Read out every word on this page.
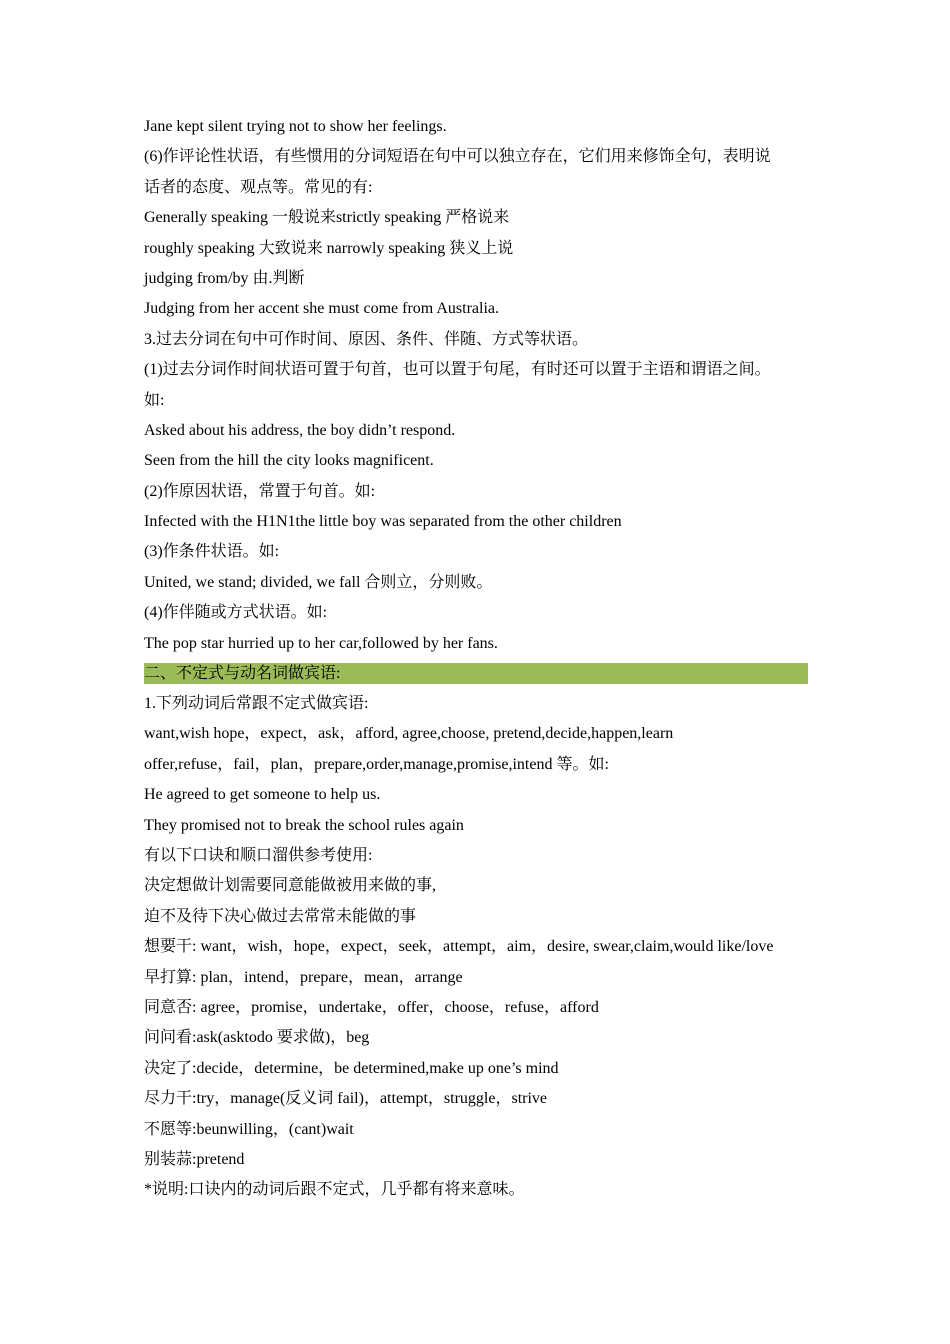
Jane kept silent trying not to show her feelings.
(6)作评论性状语，有些惯用的分词短语在句中可以独立存在，它们用来修饰全句，表明说
话者的态度、观点等。常见的有:
Generally speaking 一般说来strictly speaking 严格说来
roughly speaking 大致说来 narrowly speaking 狭义上说
judging from/by 由.判断
Judging from her accent she must come from Australia.
3.过去分词在句中可作时间、原因、条件、伴随、方式等状语。
(1)过去分词作时间状语可置于句首，也可以置于句尾，有时还可以置于主语和谓语之间。
如:
Asked about his address, the boy didn’t respond.
Seen from the hill the city looks magnificent.
(2)作原因状语，常置于句首。如:
Infected with the H1N1the little boy was separated from the other children
(3)作条件状语。如:
United, we stand; divided, we fall 合则立，分则败。
(4)作伴随或方式状语。如:
The pop star hurried up to her car,followed by her fans.
二、不定式与动名词做宾语:
1.下列动词后常跟不定式做宾语:
want,wish hope，expect，ask，afford, agree,choose, pretend,decide,happen,learn
offer,refuse，fail，plan，prepare,order,manage,promise,intend 等。如:
He agreed to get someone to help us.
They promised not to break the school rules again
有以下口诀和顺口溜供参考使用:
决定想做计划需要同意能做被用来做的事,
迫不及待下决心做过去常常未能做的事
想要干: want，wish，hope，expect，seek，attempt，aim，desire, swear,claim,would like/love
早打算: plan，intend，prepare，mean，arrange
同意否: agree，promise，undertake，offer，choose，refuse，afford
问问看:ask(asktodo 要求做)，beg
决定了:decide，determine，be determined,make up one’s mind
尽力干:try，manage(反义词 fail)，attempt，struggle，strive
不愿等:beunwilling，(cant)wait
别装蒜:pretend
*说明:口诀内的动词后跟不定式，几乎都有将来意味。
